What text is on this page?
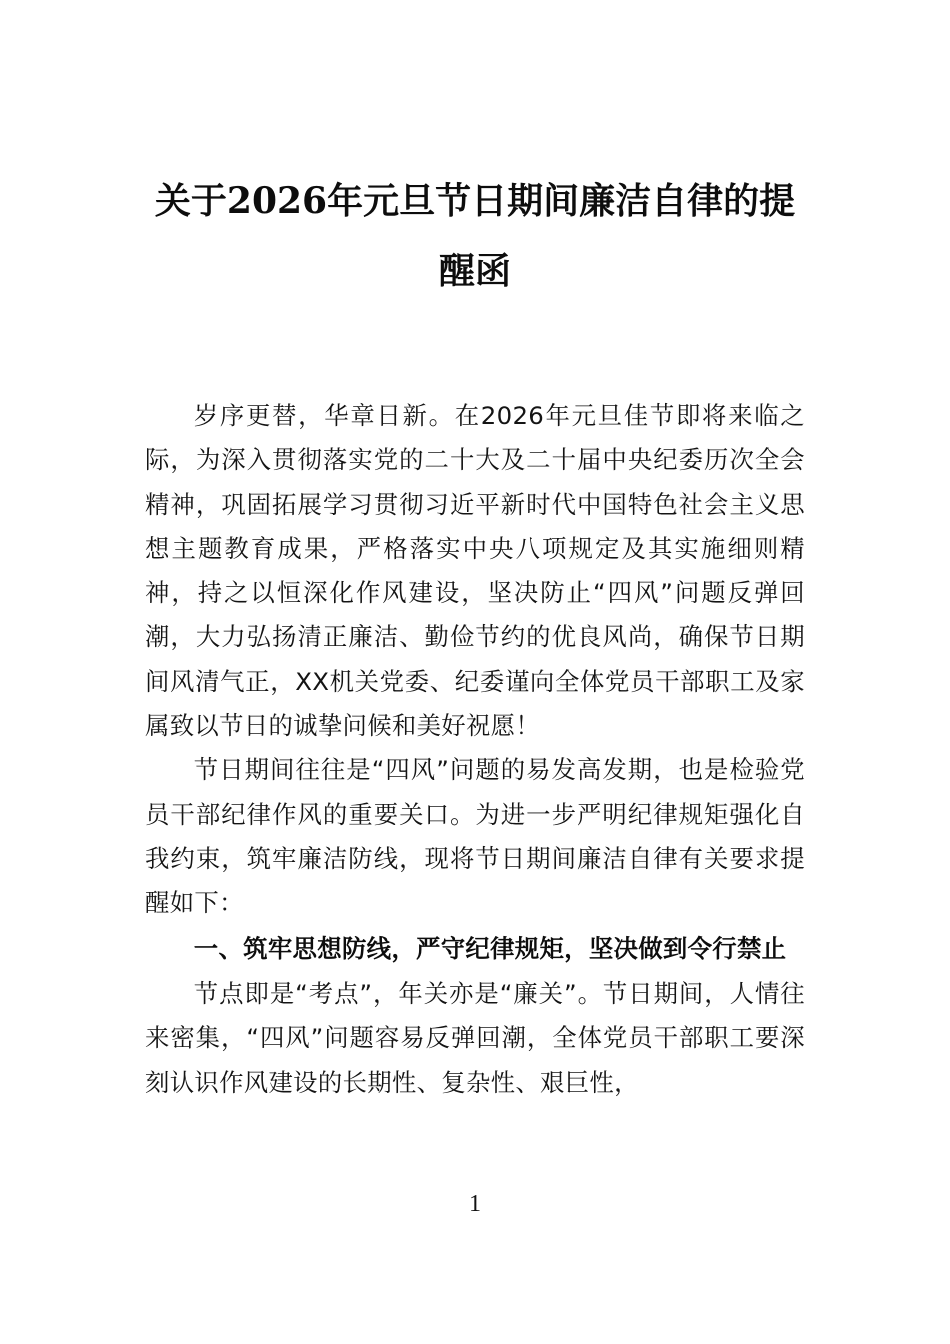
关于2026年元旦节日期间廉洁自律的提醒函

岁序更替，华章日新。在2026年元旦佳节即将来临之际，为深入贯彻落实党的二十大及二十届中央纪委历次全会精神，巩固拓展学习贯彻习近平新时代中国特色社会主义思想主题教育成果，严格落实中央八项规定及其实施细则精神，持之以恒深化作风建设，坚决防止“四风”问题反弹回潮，大力弘扬清正廉洁、勤俭节约的优良风尚，确保节日期间风清气正，XX机关党委、纪委谨向全体党员干部职工及家属致以节日的诚挚问候和美好祝愿！

节日期间往往是“四风”问题的易发高发期，也是检验党员干部纪律作风的重要关口。为进一步严明纪律规矩强化自我约束，筑牢廉洁防线，现将节日期间廉洁自律有关要求提醒如下：

一、筑牢思想防线，严守纪律规矩，坚决做到令行禁止

节点即是“考点”，年关亦是“廉关”。节日期间，人情往来密集，“四风”问题容易反弹回潮，全体党员干部职工要深刻认识作风建设的长期性、复杂性、艰巨性，

1
